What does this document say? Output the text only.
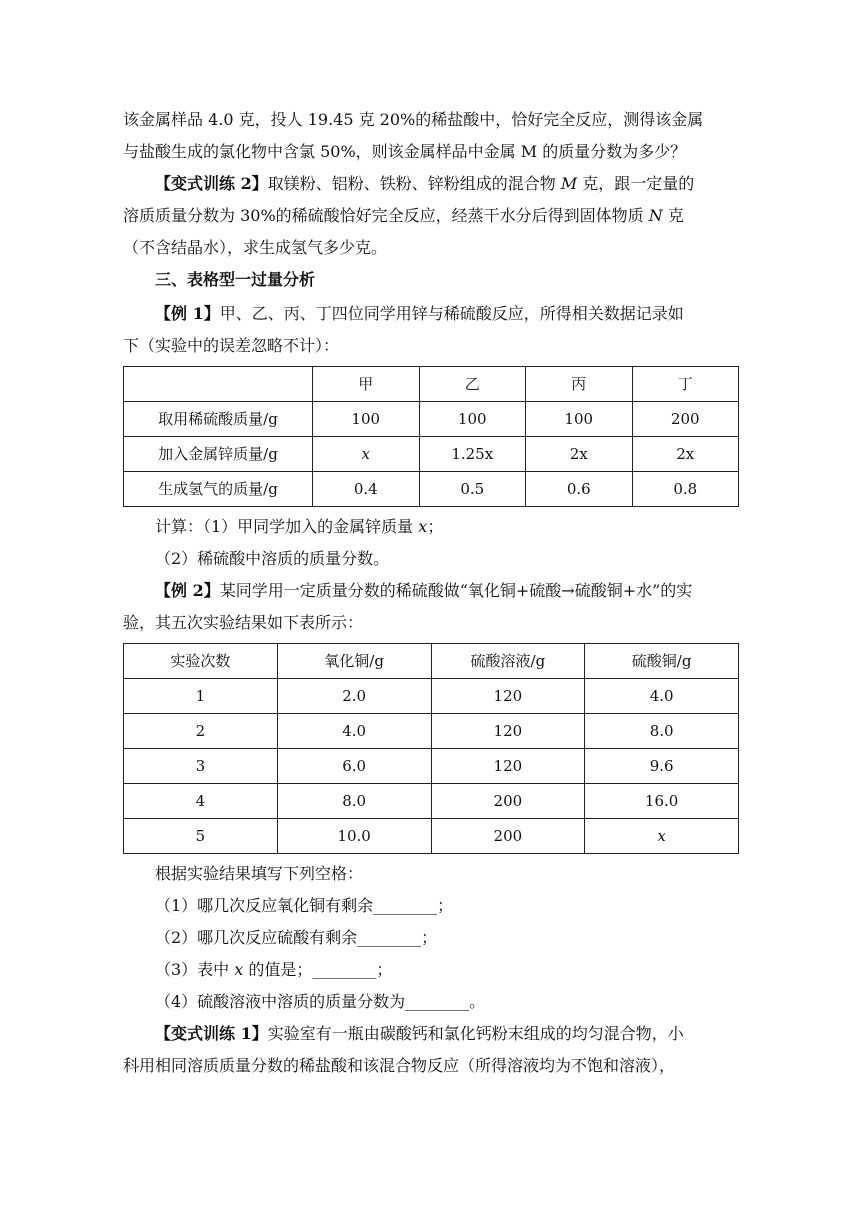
该金属样品 4.0 克，投人 19.45 克 20%的稀盐酸中，恰好完全反应，测得该金属

与盐酸生成的氯化物中含氯 50%，则该金属样品中金属 M 的质量分数为多少？

【变式训练 2】取镁粉、铝粉、铁粉、锌粉组成的混合物 M 克，跟一定量的

溶质质量分数为 30%的稀硫酸恰好完全反应，经蒸干水分后得到固体物质 N 克

（不含结晶水），求生成氢气多少克。

三、表格型一过量分析

【例 1】甲、乙、丙、丁四位同学用锌与稀硫酸反应，所得相关数据记录如

下（实验中的误差忽略不计）：

	甲	乙	丙	丁
取用稀硫酸质量/g	100	100	100	200
加入金属锌质量/g	x	1.25x	2x	2x
生成氢气的质量/g	0.4	0.5	0.6	0.8

计算：（1）甲同学加入的金属锌质量 x；

（2）稀硫酸中溶质的质量分数。

【例 2】某同学用一定质量分数的稀硫酸做“氧化铜+硫酸→硫酸铜+水”的实

验，其五次实验结果如下表所示：

实验次数	氧化铜/g	硫酸溶液/g	硫酸铜/g
1	2.0	120	4.0
2	4.0	120	8.0
3	6.0	120	9.6
4	8.0	200	16.0
5	10.0	200	x

根据实验结果填写下列空格：

（1）哪几次反应氧化铜有剩余________；

（2）哪几次反应硫酸有剩余________；

（3）表中 x 的值是；________；

（4）硫酸溶液中溶质的质量分数为________。

【变式训练 1】实验室有一瓶由碳酸钙和氯化钙粉末组成的均匀混合物，小

科用相同溶质质量分数的稀盐酸和该混合物反应（所得溶液均为不饱和溶液），
